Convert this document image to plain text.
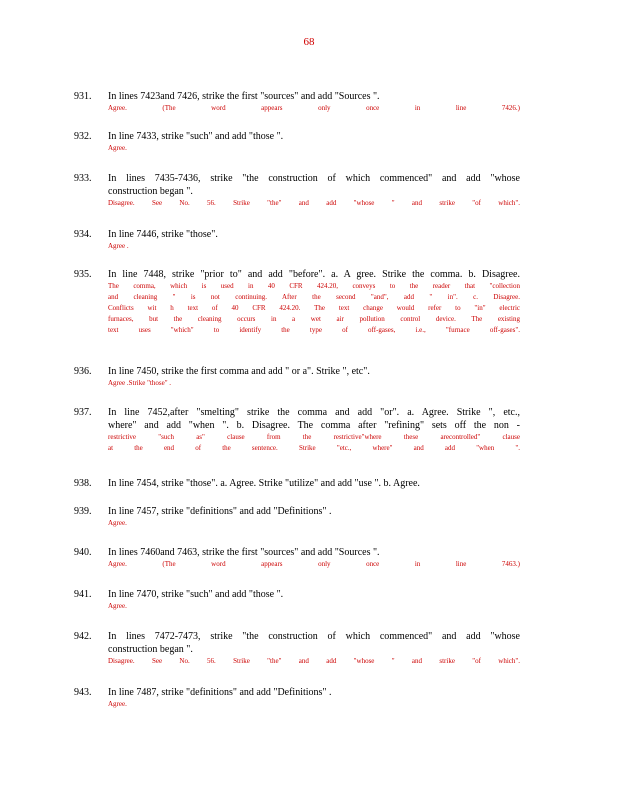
68
931. In lines 7423and 7426, strike the first "sources" and add "Sources ".
Agree. (The word appears only once in line 7426.)
932. In line 7433, strike "such" and add "those ".
Agree.
933. In lines 7435-7436, strike "the construction of which commenced" and add "whose
construction began ".
Disagree. See No. 56. Strike "the" and add "whose " and strike "of which".
934. In line 7446, strike "those".
Agree .
935. In line 7448, strike "prior to" and add "before". a. A gree. Strike the comma. b. Disagree.
The comma, which is used in 40 CFR 424.20, conveys to the reader that "collection
and cleaning " is not continuing. After the second "and", add " in". c. Disagree.
Conflicts wit h text of 40 CFR 424.20. The text change would refer to "in" electric
furnaces, but the cleaning occurs in a wet air pollution control device. The existing
text uses "which" to identify the type of off-gases, i.e., "furnace off-gases".
936. In line 7450, strike the first comma and add " or a". Strike ", etc".
Agree .Strike "those" .
937. In line 7452,after "smelting" strike the comma and add "or". a. Agree. Strike ", etc.,
where" and add "when ". b. Disagree. The comma after "refining" sets off the non -
restrictive "such as" clause from the restrictive"where these arecontrolled" clause
at the end of the sentence. Strike "etc., where" and add "when ".
938. In line 7454, strike "those". a. Agree. Strike "utilize" and add "use ". b. Agree.
939. In line 7457, strike "definitions" and add "Definitions" .
Agree.
940. In lines 7460and 7463, strike the first "sources" and add "Sources ".
Agree. (The word appears only once in line 7463.)
941. In line 7470, strike "such" and add "those ".
Agree.
942. In lines 7472-7473, strike "the construction of which commenced" and add "whose
construction began ".
Disagree. See No. 56. Strike "the" and add "whose " and strike "of which".
943. In line 7487, strike "definitions" and add "Definitions" .
Agree.
